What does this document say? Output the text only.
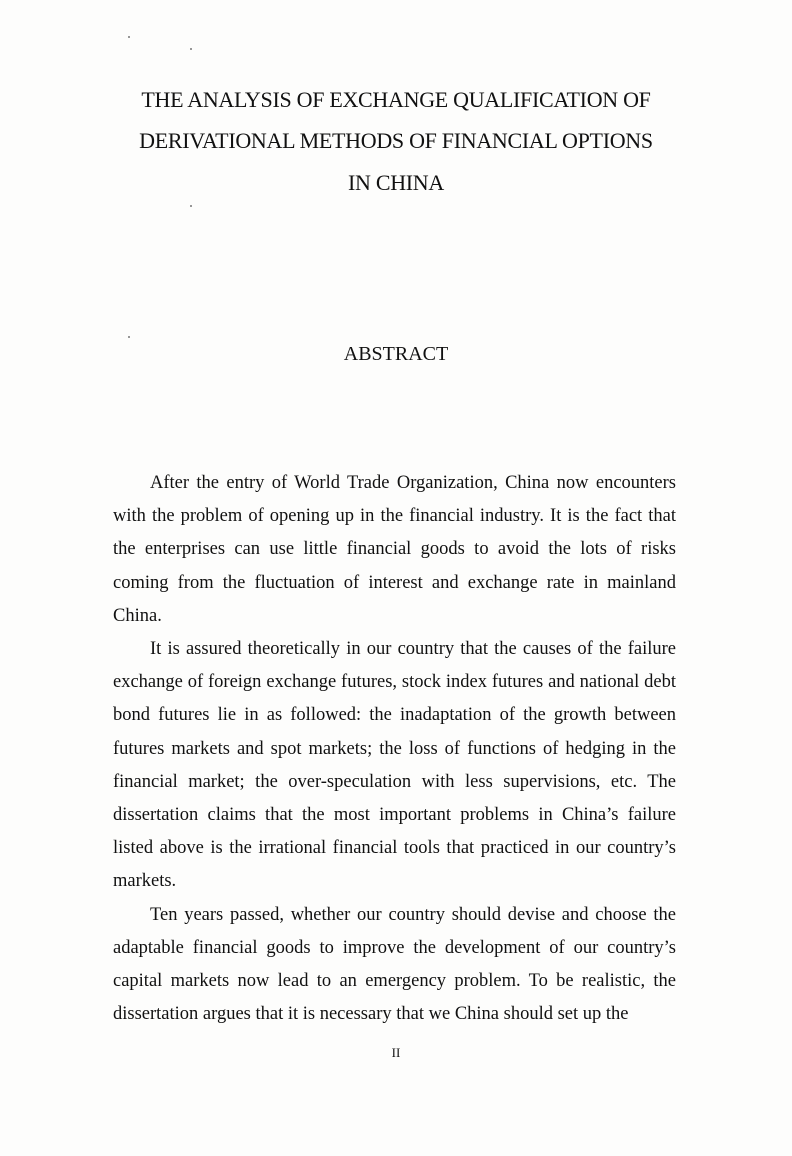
THE ANALYSIS OF EXCHANGE QUALIFICATION OF
DERIVATIONAL METHODS OF FINANCIAL OPTIONS
IN CHINA
ABSTRACT

After the entry of World Trade Organization, China now encounters with the problem of opening up in the financial industry. It is the fact that the enterprises can use little financial goods to avoid the lots of risks coming from the fluctuation of interest and exchange rate in mainland China.

It is assured theoretically in our country that the causes of the failure exchange of foreign exchange futures, stock index futures and national debt bond futures lie in as followed: the inadaptation of the growth between futures markets and spot markets; the loss of functions of hedging in the financial market; the over-speculation with less supervisions, etc. The dissertation claims that the most important problems in China’s failure listed above is the irrational financial tools that practiced in our country’s markets.

Ten years passed, whether our country should devise and choose the adaptable financial goods to improve the development of our country’s capital markets now lead to an emergency problem. To be realistic, the dissertation argues that it is necessary that we China should set up the

II
